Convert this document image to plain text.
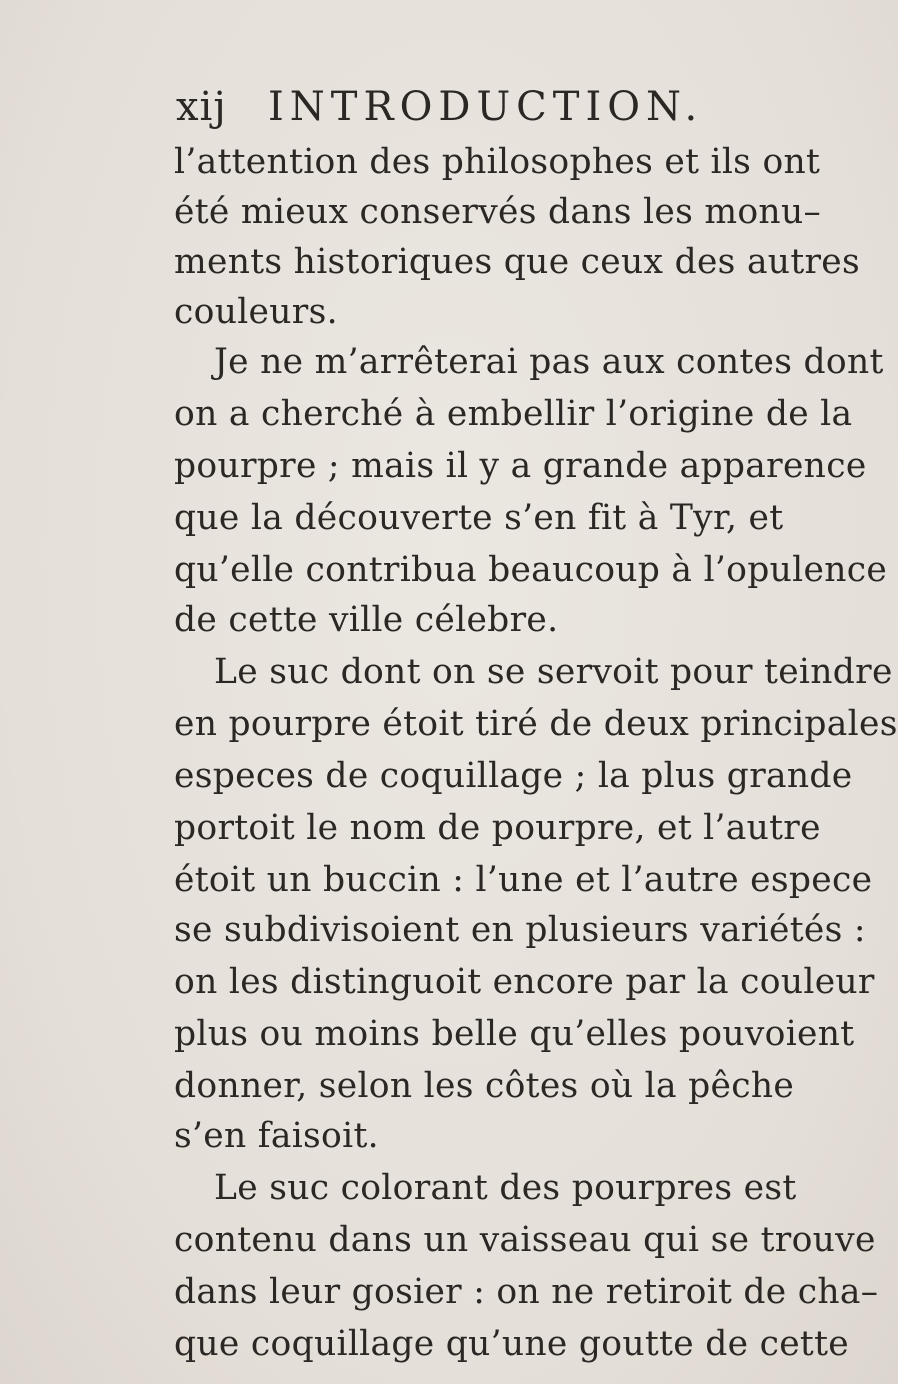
xij INTRODUCTION.
l’attention des philosophes et ils ont
été mieux conservés dans les monu–
ments historiques que ceux des autres
couleurs.
Je ne m’arrêterai pas aux contes dont
on a cherché à embellir l’origine de la
pourpre ; mais il y a grande apparence
que la découverte s’en fit à Tyr, et
qu’elle contribua beaucoup à l’opulence
de cette ville célebre.
Le suc dont on se servoit pour teindre
en pourpre étoit tiré de deux principales
especes de coquillage ; la plus grande
portoit le nom de pourpre, et l’autre
étoit un buccin : l’une et l’autre espece
se subdivisoient en plusieurs variétés :
on les distinguoit encore par la couleur
plus ou moins belle qu’elles pouvoient
donner, selon les côtes où la pêche
s’en faisoit.
Le suc colorant des pourpres est
contenu dans un vaisseau qui se trouve
dans leur gosier : on ne retiroit de cha–
que coquillage qu’une goutte de cette
